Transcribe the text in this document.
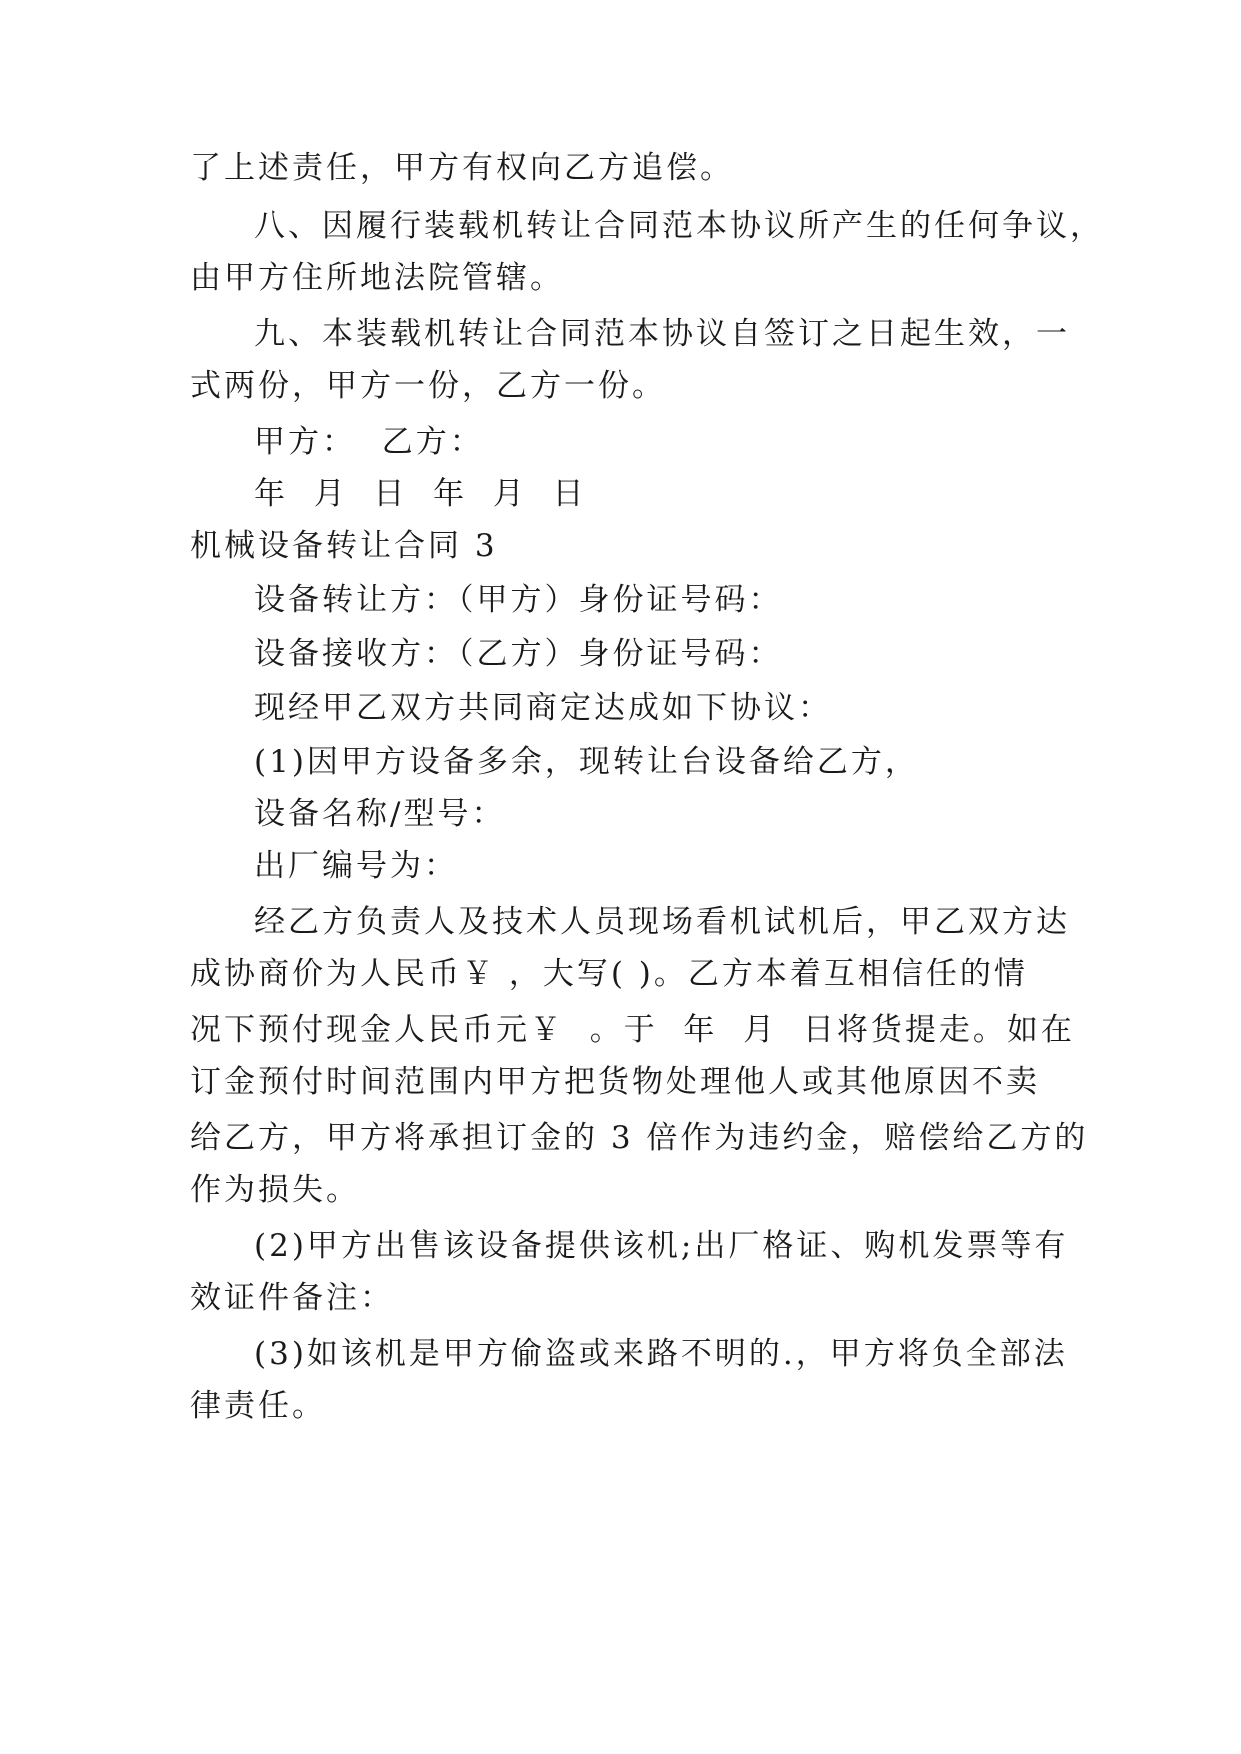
了上述责任，甲方有权向乙方追偿。

八、因履行装载机转让合同范本协议所产生的任何争议，

由甲方住所地法院管辖。

九、本装载机转让合同范本协议自签订之日起生效，一

式两份，甲方一份，乙方一份。

甲方：  乙方：

年  月  日  年  月  日

机械设备转让合同 3

设备转让方：（甲方）身份证号码：

设备接收方：（乙方）身份证号码：

现经甲乙双方共同商定达成如下协议：

(1)因甲方设备多余，现转让台设备给乙方，

设备名称/型号：

出厂编号为：

经乙方负责人及技术人员现场看机试机后，甲乙双方达

成协商价为人民币￥ ，大写( )。乙方本着互相信任的情

况下预付现金人民币元￥  。于  年  月  日将货提走。如在

订金预付时间范围内甲方把货物处理他人或其他原因不卖

给乙方，甲方将承担订金的 3 倍作为违约金，赔偿给乙方的

作为损失。

(2)甲方出售该设备提供该机;出厂格证、购机发票等有

效证件备注：

(3)如该机是甲方偷盗或来路不明的.，甲方将负全部法

律责任。
